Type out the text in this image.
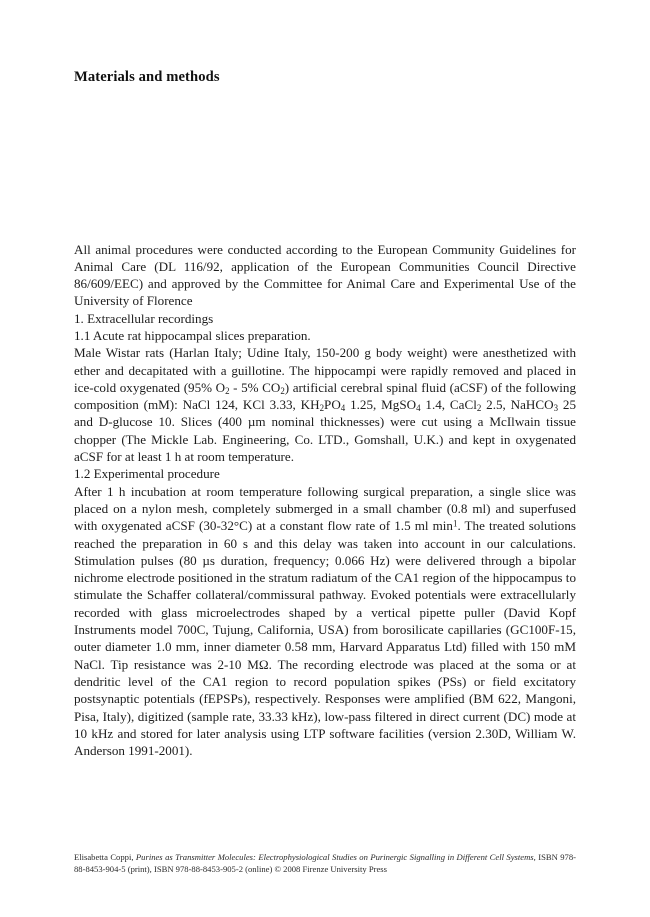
Materials and methods

All animal procedures were conducted according to the European Community Guidelines for Animal Care (DL 116/92, application of the European Communities Council Directive 86/609/EEC) and approved by the Committee for Animal Care and Experimental Use of the University of Florence

1. Extracellular recordings

1.1 Acute rat hippocampal slices preparation.

Male Wistar rats (Harlan Italy; Udine Italy, 150-200 g body weight) were anesthetized with ether and decapitated with a guillotine. The hippocampi were rapidly removed and placed in ice-cold oxygenated (95% $O_2 - 5\%$ $CO_2$) artificial cerebral spinal fluid (aCSF) of the following composition (mM): NaCl 124, KCl 3.33, $KH_2PO_4$ 1.25, MgSO$_4$ 1.4, CaCl$_2$ 2.5, NaHCO$_3$ 25 and D-glucose 10. Slices (400 µm nominal thicknesses) were cut using a McIlwain tissue chopper (The Mickle Lab. Engineering, Co. LTD., Gomshall, U.K.) and kept in oxygenated aCSF for at least 1 h at room temperature.

1.2 Experimental procedure

After 1 h incubation at room temperature following surgical preparation, a single slice was placed on a nylon mesh, completely submerged in a small chamber (0.8 ml) and superfused with oxygenated aCSF (30-32°C) at a constant flow rate of 1.5 ml $\min^1$. The treated solutions reached the preparation in 60 s and this delay was taken into account in our calculations. Stimulation pulses (80 µs duration, frequency; 0.066 Hz) were delivered through a bipolar nichrome electrode positioned in the stratum radiatum of the CA1 region of the hippocampus to stimulate the Schaffer collateral/commissural pathway. Evoked potentials were extracellularly recorded with glass microelectrodes shaped by a vertical pipette puller (David Kopf Instruments model 700C, Tujung, California, USA) from borosilicate capillaries (GC100F-15, outer diameter 1.0 mm, inner diameter 0.58 mm, Harvard Apparatus Ltd) filled with 150 mM NaCl. Tip resistance was 2-10 MΩ. The recording electrode was placed at the soma or at dendritic level of the CA1 region to record population spikes (PSs) or field excitatory postsynaptic potentials (fEPSPs), respectively. Responses were amplified (BM 622, Mangoni, Pisa, Italy), digitized (sample rate, 33.33 kHz), low-pass filtered in direct current (DC) mode at 10 kHz and stored for later analysis using LTP software facilities (version 2.30D, William W. Anderson 1991-2001).

Elisabetta Coppi, Purines as Transmitter Molecules: Electrophysiological Studies on Purinergic Signalling in Different Cell Systems, ISBN 978-88-8453-904-5 (print), ISBN 978-88-8453-905-2 (online) © 2008 Firenze University Press
